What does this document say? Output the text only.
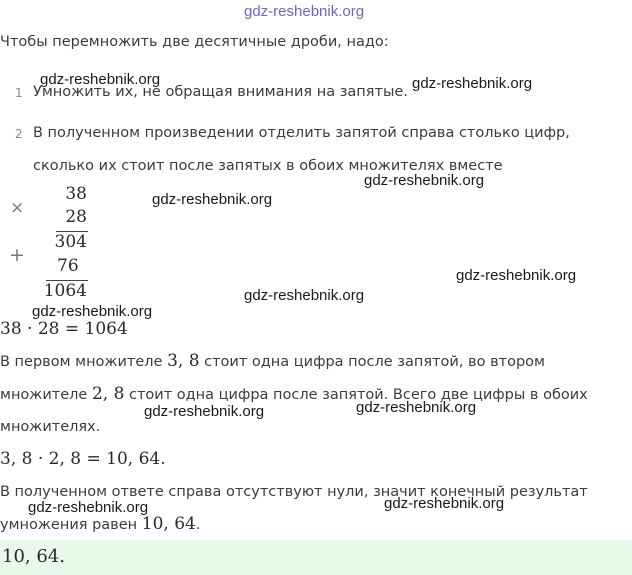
gdz-reshebnik.org
Чтобы перемножить две десятичные дроби, надо:
1 Умножить их, не обращая внимания на запятые.
2 В полученном произведении отделить запятой справа столько цифр,
сколько их стоит после запятых в обоих множителях вместе
×
38
28
304
+ 76
1064
38 · 28 = 1064
В первом множителе 3, 8 стоит одна цифра после запятой, во втором
множителе 2, 8 стоит одна цифра после запятой. Всего две цифры в обоих
множителях.
3, 8 · 2, 8 = 10, 64.
В полученном ответе справа отсутствуют нули, значит конечный результат
умножения равен 10, 64.
10, 64.
gdz-reshebnik.org	gdz-reshebnik.org
gdz-reshebnik.org
gdz-reshebnik.org
gdz-reshebnik.org
gdz-reshebnik.org
gdz-reshebnik.org
gdz-reshebnik.org	gdz-reshebnik.org
gdz-reshebnik.org	gdz-reshebnik.org
